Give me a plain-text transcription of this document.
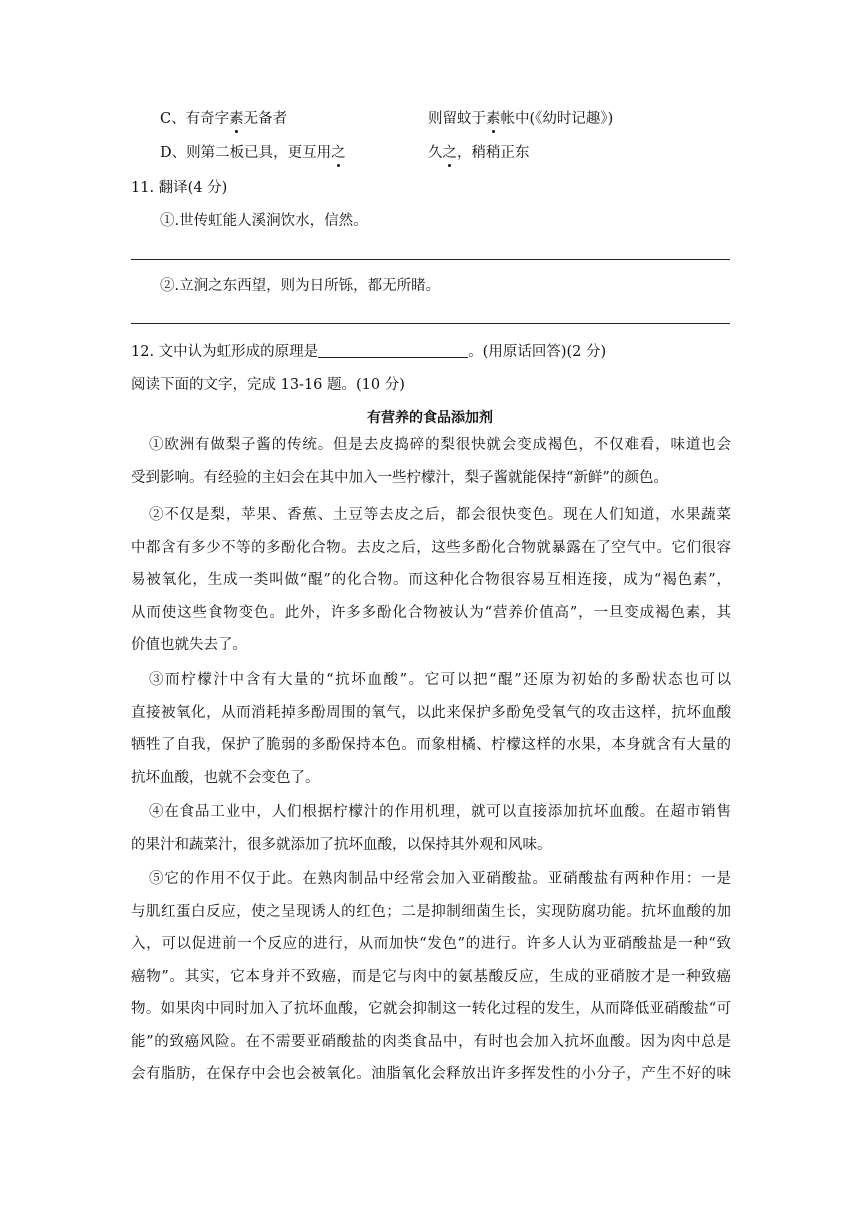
C、有奇字素无备者	则留蚊于素帐中(《幼时记趣》)
D、则第二板已具，更互用之	久之，稍稍正东
11. 翻译(4 分)
①.世传虹能人溪涧饮水，信然。
②.立涧之东西望，则为日所铄，都无所睹。
12. 文中认为虹形成的原理是	。(用原话回答)(2 分)
阅读下面的文字，完成 13-16 题。(10 分)
有营养的食品添加剂
①欧洲有做梨子酱的传统。但是去皮捣碎的梨很快就会变成褐色，不仅难看，味道也会
受到影响。有经验的主妇会在其中加入一些柠檬汁，梨子酱就能保持“新鲜”的颜色。
②不仅是梨，苹果、香蕉、土豆等去皮之后，都会很快变色。现在人们知道，水果蔬菜
中都含有多少不等的多酚化合物。去皮之后，这些多酚化合物就暴露在了空气中。它们很容
易被氧化，生成一类叫做“醌”的化合物。而这种化合物很容易互相连接，成为“褐色素”，
从而使这些食物变色。此外，许多多酚化合物被认为“营养价值高”，一旦变成褐色素，其
价值也就失去了。
③而柠檬汁中含有大量的“抗坏血酸”。它可以把“醌”还原为初始的多酚状态也可以
直接被氧化，从而消耗掉多酚周围的氧气，以此来保护多酚免受氧气的攻击这样，抗坏血酸
牺牲了自我，保护了脆弱的多酚保持本色。而象柑橘、柠檬这样的水果，本身就含有大量的
抗坏血酸，也就不会变色了。
④在食品工业中，人们根据柠檬汁的作用机理，就可以直接添加抗坏血酸。在超市销售
的果汁和蔬菜汁，很多就添加了抗坏血酸，以保持其外观和风味。
⑤它的作用不仅于此。在熟肉制品中经常会加入亚硝酸盐。亚硝酸盐有两种作用：一是
与肌红蛋白反应，使之呈现诱人的红色；二是抑制细菌生长，实现防腐功能。抗坏血酸的加
入，可以促进前一个反应的进行，从而加快“发色”的进行。许多人认为亚硝酸盐是一种“致
癌物”。其实，它本身并不致癌，而是它与肉中的氨基酸反应，生成的亚硝胺才是一种致癌
物。如果肉中同时加入了抗坏血酸，它就会抑制这一转化过程的发生，从而降低亚硝酸盐“可
能”的致癌风险。在不需要亚硝酸盐的肉类食品中，有时也会加入抗坏血酸。因为肉中总是
会有脂肪，在保存中会也会被氧化。油脂氧化会释放出许多挥发性的小分子，产生不好的味
